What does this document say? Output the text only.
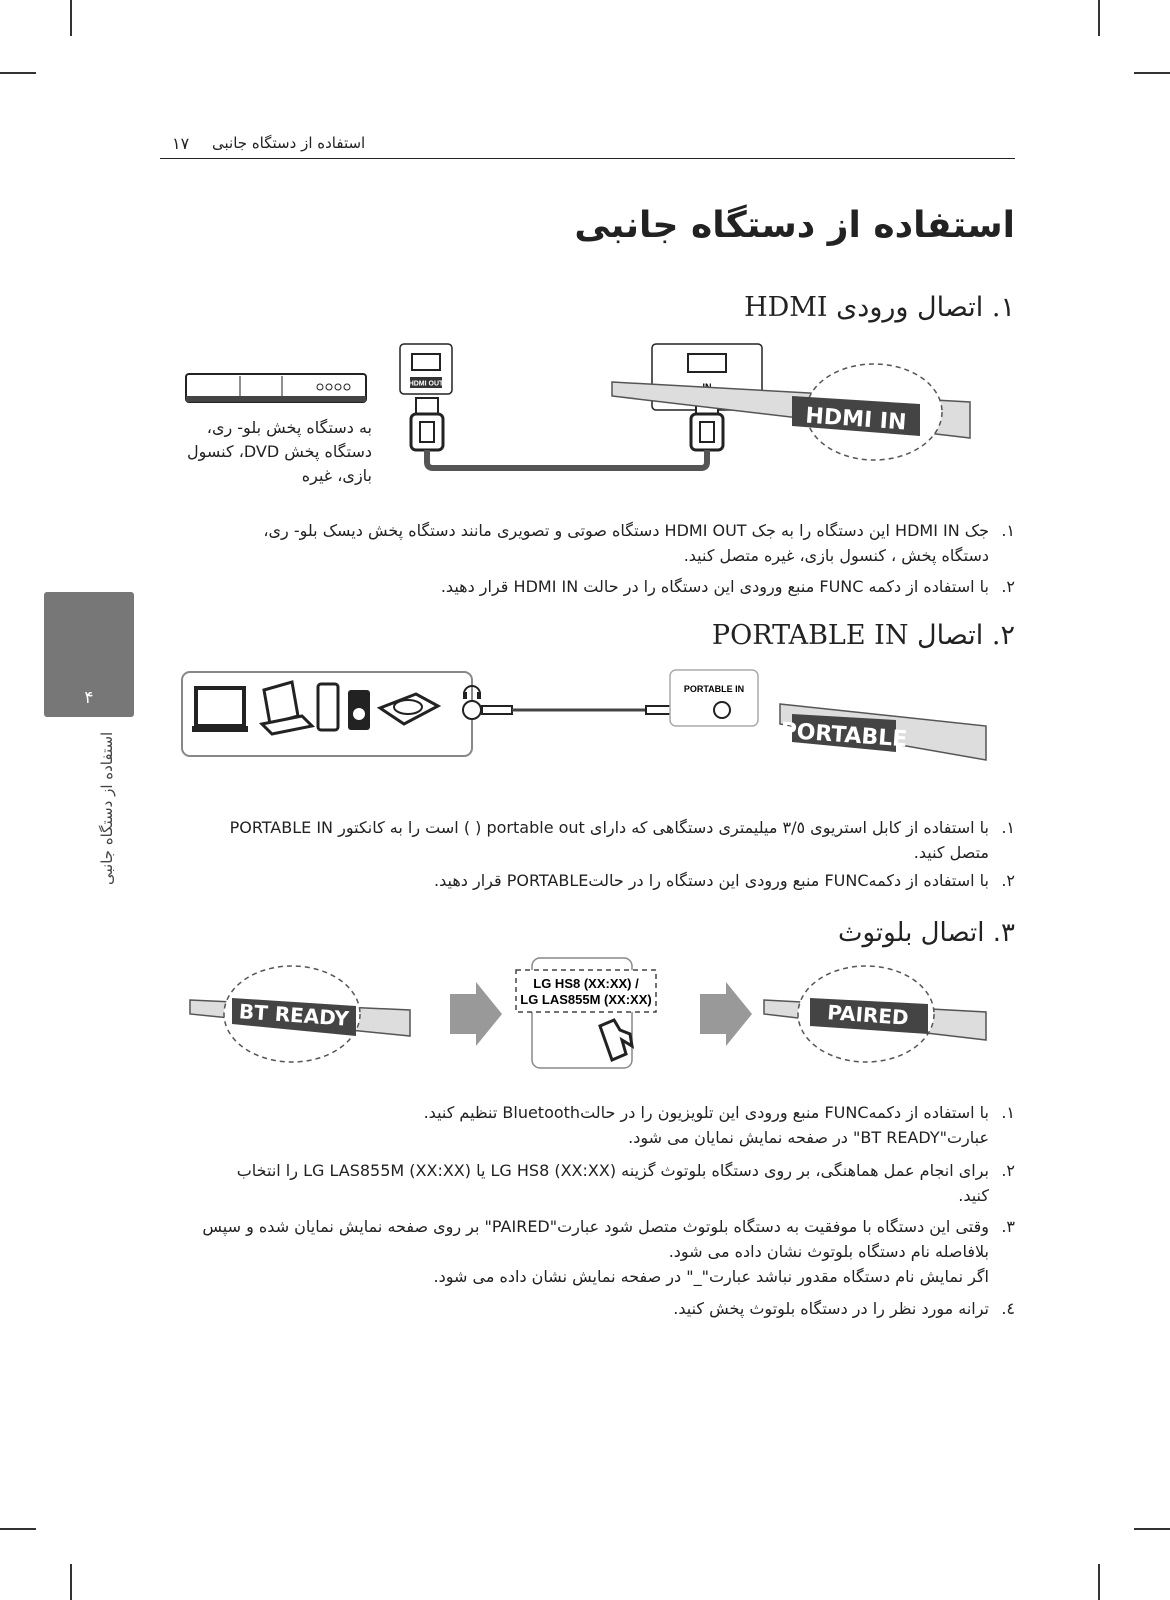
١٧ استفاده از دستگاه جانبی
استفاده از دستگاه جانبی
۴
استفاده از دستگاه جانبی
١. اتصال ورودی HDMI
HDMI OUT
HDMI IN
به دستگاه پخش بلو- ری،
دستگاه پخش DVD، کنسول
بازی، غیره
١.جک HDMI IN این دستگاه را به جک HDMI OUT دستگاه صوتی و تصویری مانند دستگاه پخش دیسک بلو- ری،
دستگاه پخش ، کنسول بازی، غیره متصل کنید.
٢.با استفاده از دکمه FUNC منبع ورودی این دستگاه را در حالت HDMI IN قرار دهید.
٢. اتصال PORTABLE IN
PORTABLE IN
PORTABLE
١.با استفاده از کابل استریوی ٣/٥ میلیمتری دستگاهی که دارای portable out ( ) است را به کانکتور PORTABLE IN
متصل کنید.
٢.با استفاده از دکمهFUNC منبع ورودی این دستگاه را در حالتPORTABLE قرار دهید.
٣. اتصال بلوتوث
BT READY
LG HS8 (XX:XX) /
LG LAS855M (XX:XX)
PAIRED
١.با استفاده از دکمهFUNC منبع ورودی این تلویزیون را در حالتBluetooth تنظیم کنید.
عبارت"BT READY" در صفحه نمایش نمایان می شود.
٢.برای انجام عمل هماهنگی، بر روی دستگاه بلوتوث گزینه LG HS8 (XX:XX) یا LG LAS855M (XX:XX) را انتخاب
کنید.
٣.وقتی این دستگاه با موفقیت به دستگاه بلوتوث متصل شود عبارت"PAIRED" بر روی صفحه نمایش نمایان شده و سپس
بلافاصله نام دستگاه بلوتوث نشان داده می شود.
اگر نمایش نام دستگاه مقدور نباشد عبارت"_" در صفحه نمایش نشان داده می شود.
٤.ترانه مورد نظر را در دستگاه بلوتوث پخش کنید.
